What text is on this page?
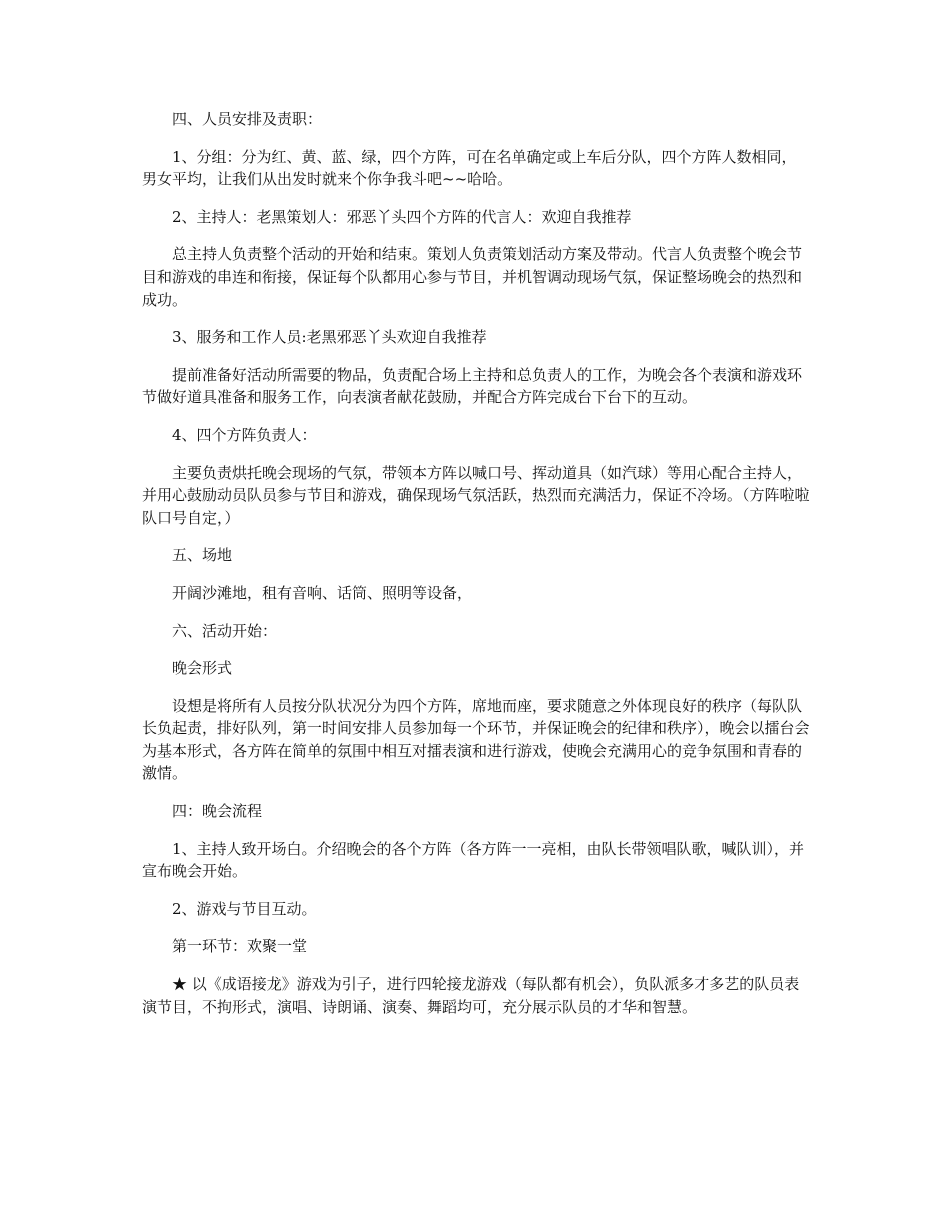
四、人员安排及责职：

1、分组：分为红、黄、蓝、绿，四个方阵，可在名单确定或上车后分队，四个方阵人数相同，男女平均，让我们从出发时就来个你争我斗吧~~哈哈。

2、主持人：老黑策划人：邪恶丫头四个方阵的代言人：欢迎自我推荐

总主持人负责整个活动的开始和结束。策划人负责策划活动方案及带动。代言人负责整个晚会节目和游戏的串连和衔接，保证每个队都用心参与节目，并机智调动现场气氛，保证整场晚会的热烈和成功。

3、服务和工作人员:老黑邪恶丫头欢迎自我推荐

提前准备好活动所需要的物品，负责配合场上主持和总负责人的工作，为晚会各个表演和游戏环节做好道具准备和服务工作，向表演者献花鼓励，并配合方阵完成台下台下的互动。

4、四个方阵负责人：

主要负责烘托晚会现场的气氛，带领本方阵以喊口号、挥动道具（如汽球）等用心配合主持人，并用心鼓励动员队员参与节目和游戏，确保现场气氛活跃，热烈而充满活力，保证不冷场。（方阵啦啦队口号自定，）

五、场地

开阔沙滩地，租有音响、话筒、照明等设备，

六、活动开始：

晚会形式

设想是将所有人员按分队状况分为四个方阵，席地而座，要求随意之外体现良好的秩序（每队队长负起责，排好队列，第一时间安排人员参加每一个环节，并保证晚会的纪律和秩序），晚会以擂台会为基本形式，各方阵在简单的氛围中相互对擂表演和进行游戏，使晚会充满用心的竞争氛围和青春的激情。

四：晚会流程

1、主持人致开场白。介绍晚会的各个方阵（各方阵一一亮相，由队长带领唱队歌，喊队训），并宣布晚会开始。

2、游戏与节目互动。

第一环节：欢聚一堂

★ 以《成语接龙》游戏为引子，进行四轮接龙游戏（每队都有机会），负队派多才多艺的队员表演节目，不拘形式，演唱、诗朗诵、演奏、舞蹈均可，充分展示队员的才华和智慧。
